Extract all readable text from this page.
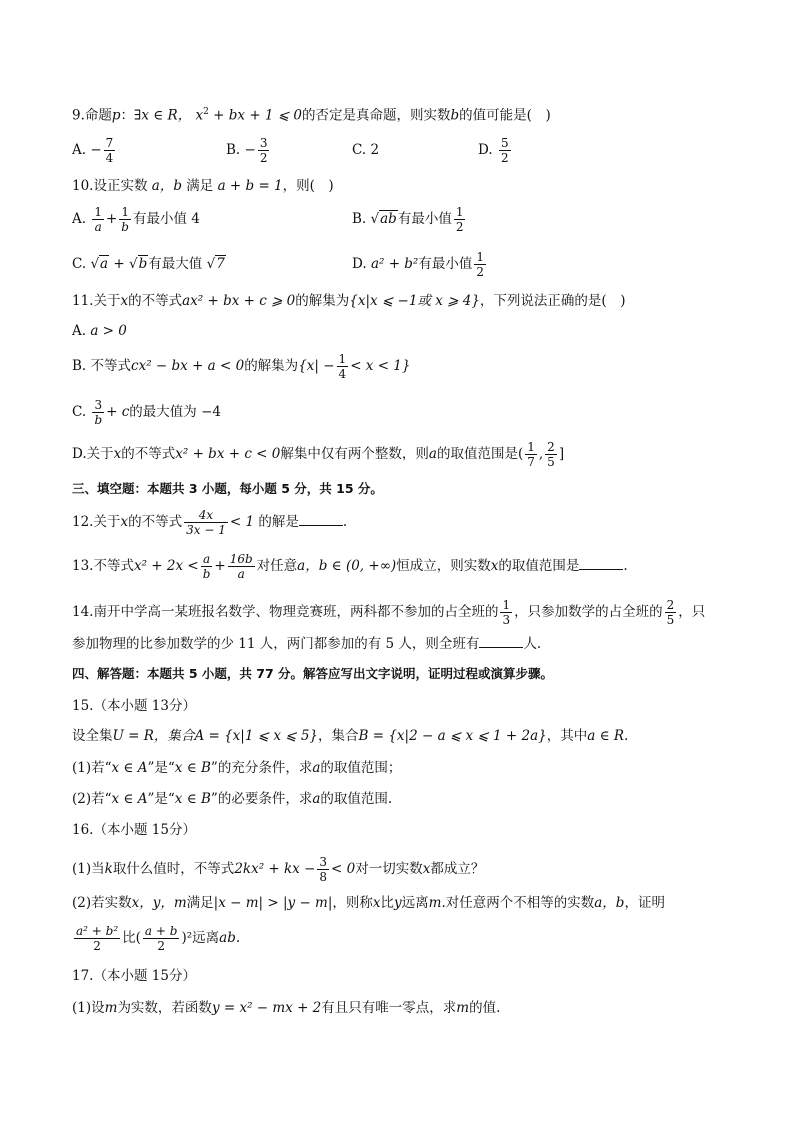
9.命题p：∃x ∈ R， $x^2$ + bx + 1 ⩽ 0的否定是真命题，则实数b的值可能是(　)
A. − $\frac{7}{4}$	B. − $\frac{3}{2}$	C. 2	D. $\frac{5}{2}$
10.设正实数 a，b 满足 a + b = 1，则(　)
A. $\frac{1}{a} + \frac{1}{b}$ 有最小值 4	B. √ab有最小值 $\frac{1}{2}$
C. √a + √b有最大值 √7	D. a² + b²有最小值 $\frac{1}{2}$
11.关于x的不等式ax² + bx + c ⩾ 0的解集为{x|x ⩽ −1或 x ⩾ 4}，下列说法正确的是(　)
A. a > 0
B. 不等式cx² − bx + a < 0的解集为$\{x| - \frac{1}{4} < x < 1\}$
C. $\frac{3}{b} + c$的最大值为 −4
D.关于x的不等式x² + bx + c < 0解集中仅有两个整数，则a的取值范围是( $\frac{1}{7}$ , $\frac{2}{5}$ ]
三、填空题：本题共 3 小题，每小题 5 分，共 15 分。
12.关于x的不等式 $\frac{4x}{3x - 1} < 1$ 的解是	.
13.不等式$x^2 + 2x < \frac{a}{b} + \frac{16b}{a}$ 对任意a，b ∈ (0, +∞)恒成立，则实数x的取值范围是	.
14.南开中学高一某班报名数学、物理竞赛班，两科都不参加的占全班的 $\frac{1}{3}$ ，只参加数学的占全班的 $\frac{2}{5}$ ，只
参加物理的比参加数学的少 11 人，两门都参加的有 5 人，则全班有	人.
四、解答题：本题共 5 小题，共 77 分。解答应写出文字说明，证明过程或演算步骤。
15.（本小题 13分）
设全集U = R，集合A = {x|1 ⩽ x ⩽ 5}，集合B = {x|2 − a ⩽ x ⩽ 1 + 2a}，其中a ∈ R.
(1)若“x ∈ A”是“x ∈ B”的充分条件，求a的取值范围；
(2)若“x ∈ A”是“x ∈ B”的必要条件，求a的取值范围.
16.（本小题 15分）
(1)当k取什么值时，不等式2kx² + kx − $\frac{3}{8} < 0$对一切实数x都成立？
(2)若实数x，y，m满足|x − m| > |y − m|，则称x比y远离m.对任意两个不相等的实数a，b，证明
$\frac{\text{a² + b²}}{2}$ 比( $\frac{a + b}{2} )^2$远离ab.
17.（本小题 15分）
(1)设m为实数，若函数y = x² − mx + 2有且只有唯一零点，求m的值.
